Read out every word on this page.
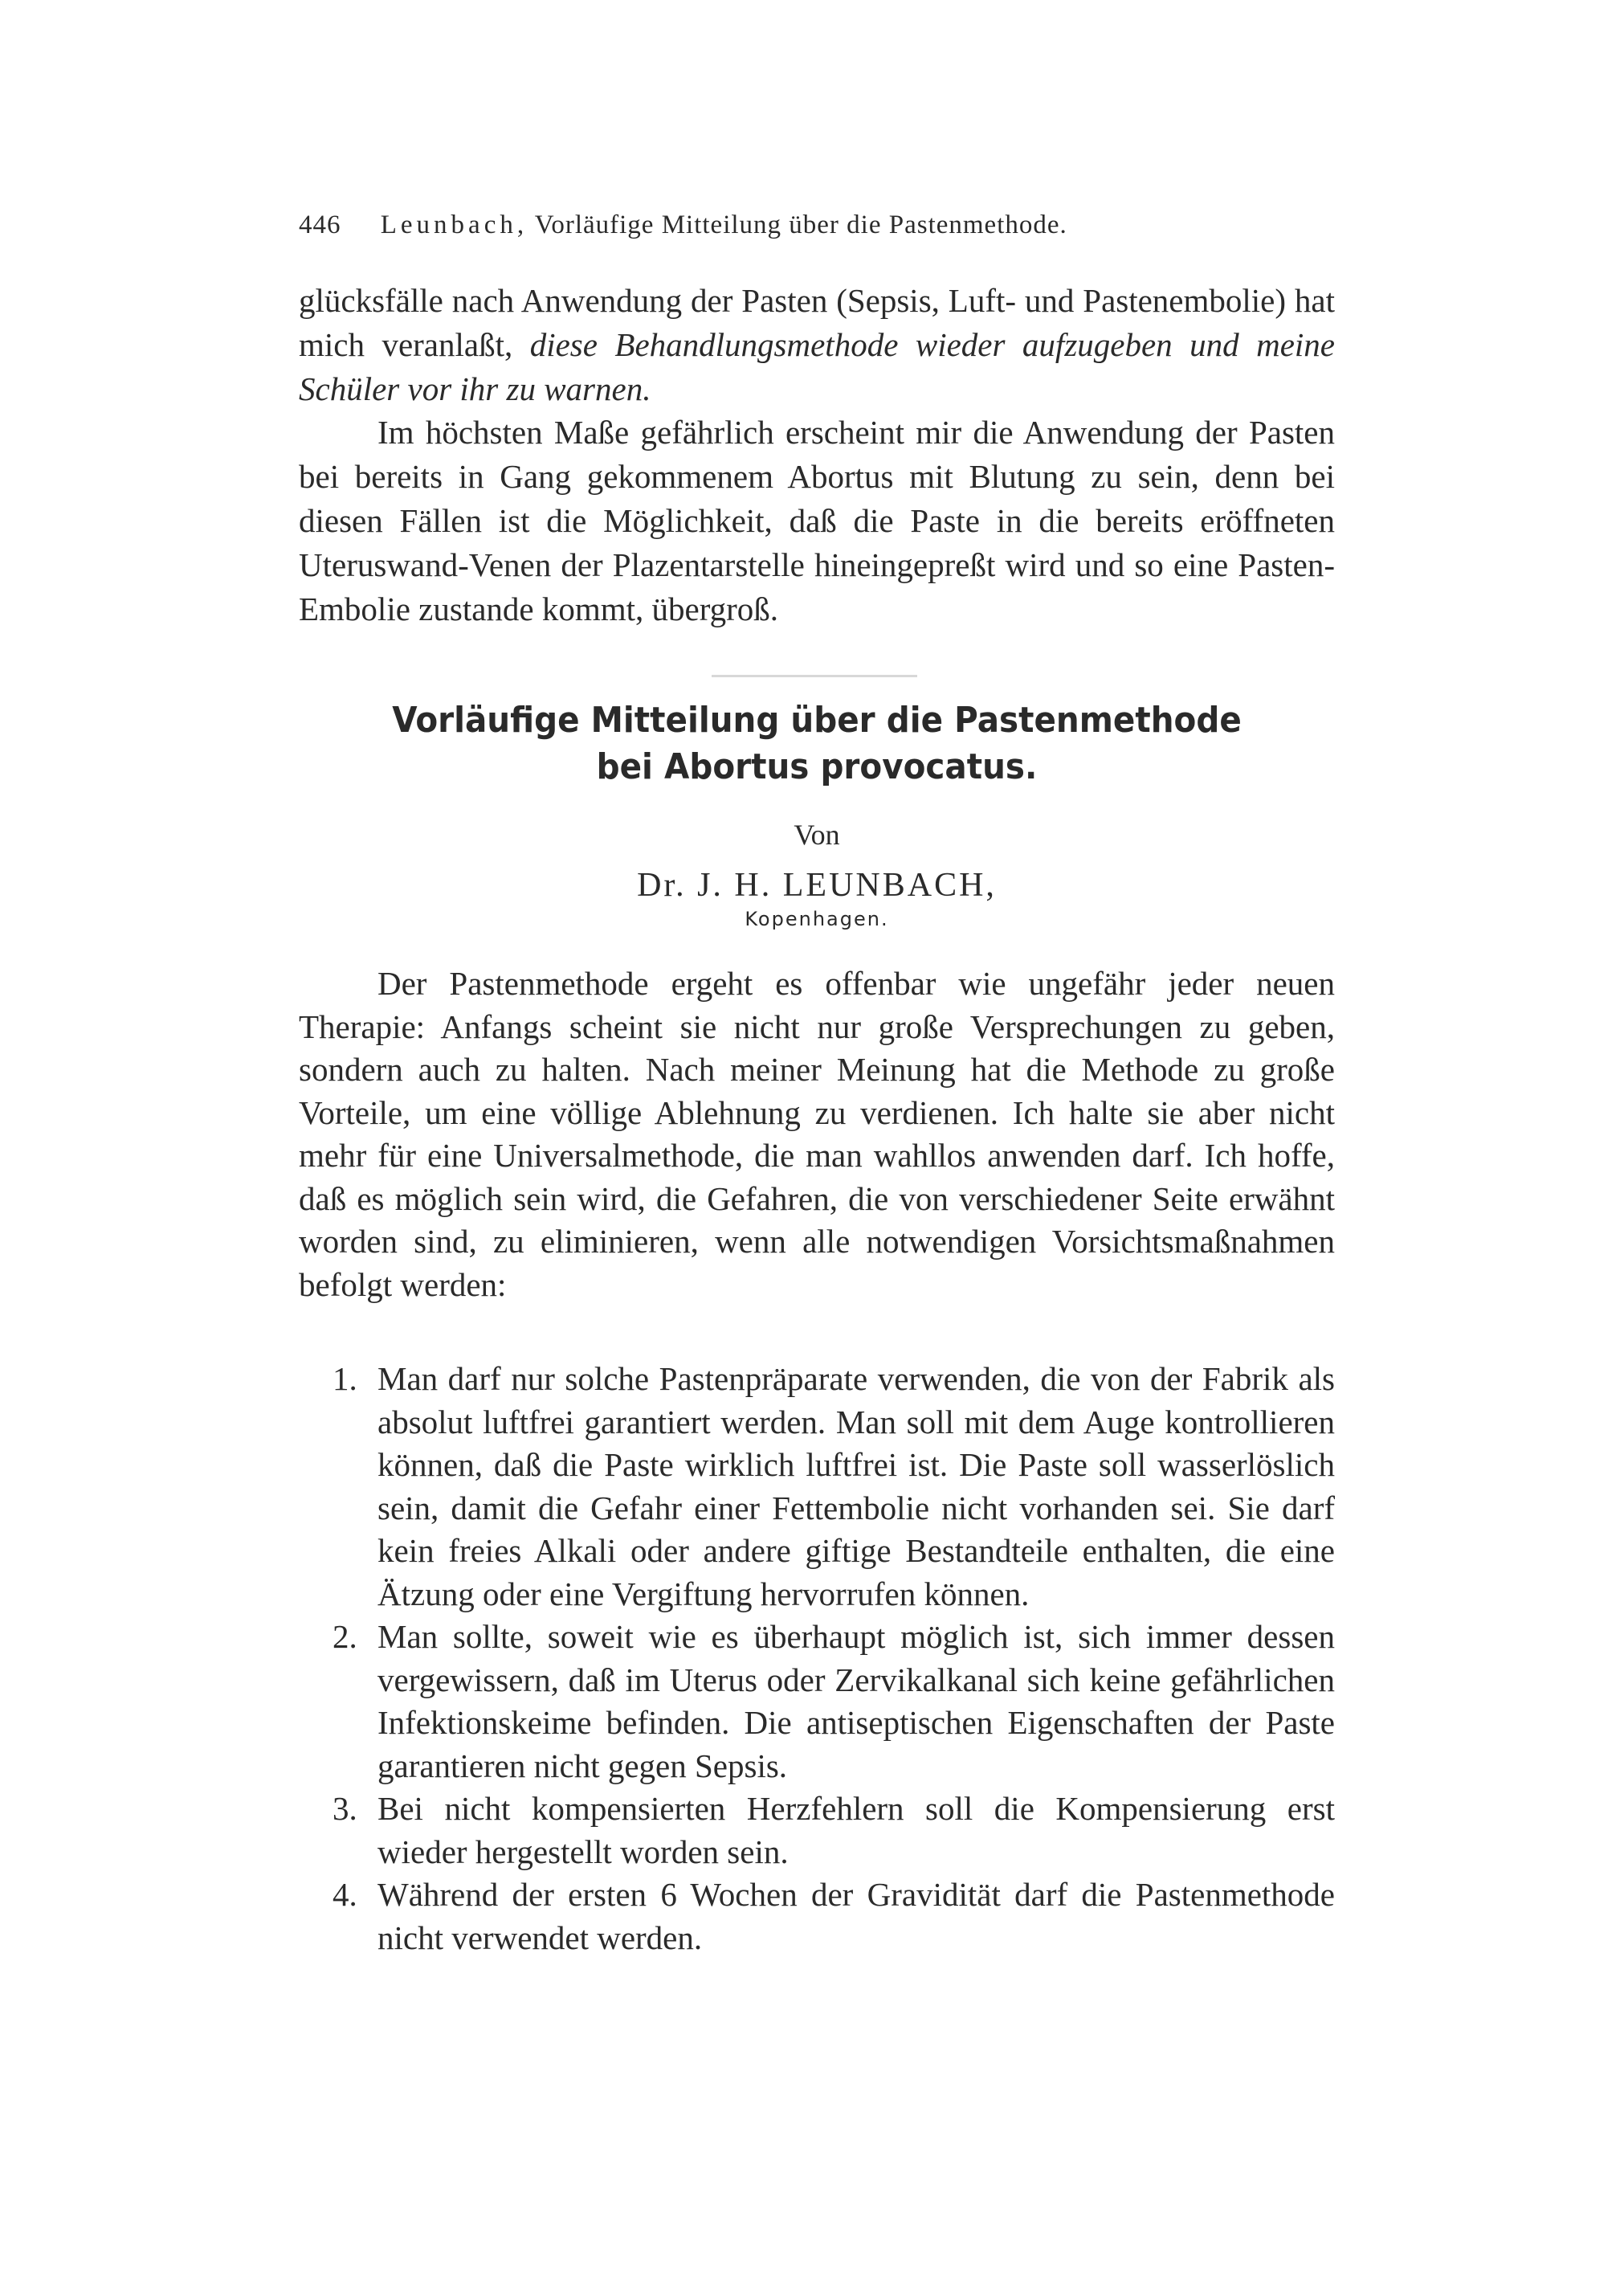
446 Leunbach, Vorläufige Mitteilung über die Pastenmethode.
glücksfälle nach Anwendung der Pasten (Sepsis, Luft- und Pastenembolie) hat mich veranlaßt, diese Behandlungsmethode wieder aufzugeben und meine Schüler vor ihr zu warnen.
Im höchsten Maße gefährlich erscheint mir die Anwendung der Pasten bei bereits in Gang gekommenem Abortus mit Blutung zu sein, denn bei diesen Fällen ist die Möglichkeit, daß die Paste in die bereits eröffneten Uteruswand-Venen der Plazentarstelle hineingepreßt wird und so eine Pasten-Embolie zustande kommt, übergroß.
Vorläufige Mitteilung über die Pastenmethode
bei Abortus provocatus.
Von
Dr. J. H. LEUNBACH,
Kopenhagen.
Der Pastenmethode ergeht es offenbar wie ungefähr jeder neuen Therapie: Anfangs scheint sie nicht nur große Versprechungen zu geben, sondern auch zu halten. Nach meiner Meinung hat die Methode zu große Vorteile, um eine völlige Ablehnung zu verdienen. Ich halte sie aber nicht mehr für eine Universalmethode, die man wahllos anwenden darf. Ich hoffe, daß es möglich sein wird, die Gefahren, die von verschiedener Seite erwähnt worden sind, zu eliminieren, wenn alle notwendigen Vorsichtsmaßnahmen befolgt werden:
1. Man darf nur solche Pastenpräparate verwenden, die von der Fabrik als absolut luftfrei garantiert werden. Man soll mit dem Auge kontrollieren können, daß die Paste wirklich luftfrei ist. Die Paste soll wasserlöslich sein, damit die Gefahr einer Fettembolie nicht vorhanden sei. Sie darf kein freies Alkali oder andere giftige Bestandteile enthalten, die eine Ätzung oder eine Vergiftung hervorrufen können.
2. Man sollte, soweit wie es überhaupt möglich ist, sich immer dessen vergewissern, daß im Uterus oder Zervikalkanal sich keine gefährlichen Infektionskeime befinden. Die antiseptischen Eigenschaften der Paste garantieren nicht gegen Sepsis.
3. Bei nicht kompensierten Herzfehlern soll die Kompensierung erst wieder hergestellt worden sein.
4. Während der ersten 6 Wochen der Gravidität darf die Pastenmethode nicht verwendet werden.
